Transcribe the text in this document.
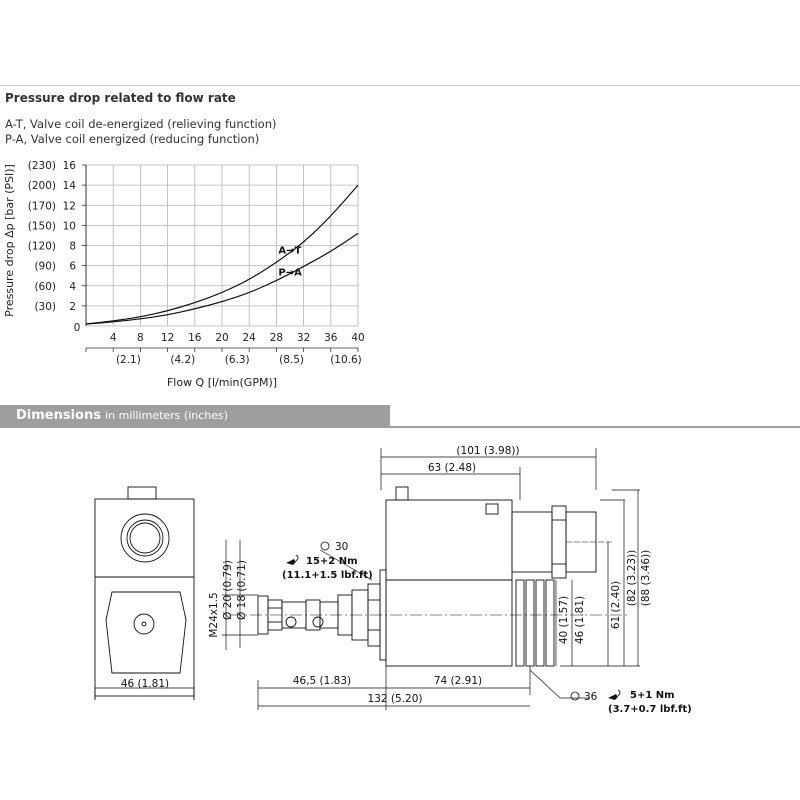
Pressure drop related to flow rate
A-T, Valve coil de-energized (relieving function)
P-A, Valve coil energized (reducing function)
2
(30)
4
(60)
6
(90)
8
(120)
10
(150)
12
(170)
14
(200)
16
(230)
0
4 8 12 16 20 24 28 32 36 40
(2.1)	(4.2)	(6.3)	(8.5) (10.6)
Pressure drop Δp [bar (PSI)]
Flow Q [l/min(GPM)]
A→T
P→A
Dimensions in millimeters (inches)
46 (1.81)
(101 (3.98))
63 (2.48)
46,5 (1.83)	74 (2.91)
132 (5.20)
Ø 20 (0.79) Ø 18 (0.71)
M24x1.5	40 (1.57) 46 (1.81) 61 (2.40) (82 (3.23)) (88 (3.46))
30
15+2 Nm
(11.1+1.5 lbf.ft)
36	5+1 Nm
(3.7+0.7 lbf.ft)
